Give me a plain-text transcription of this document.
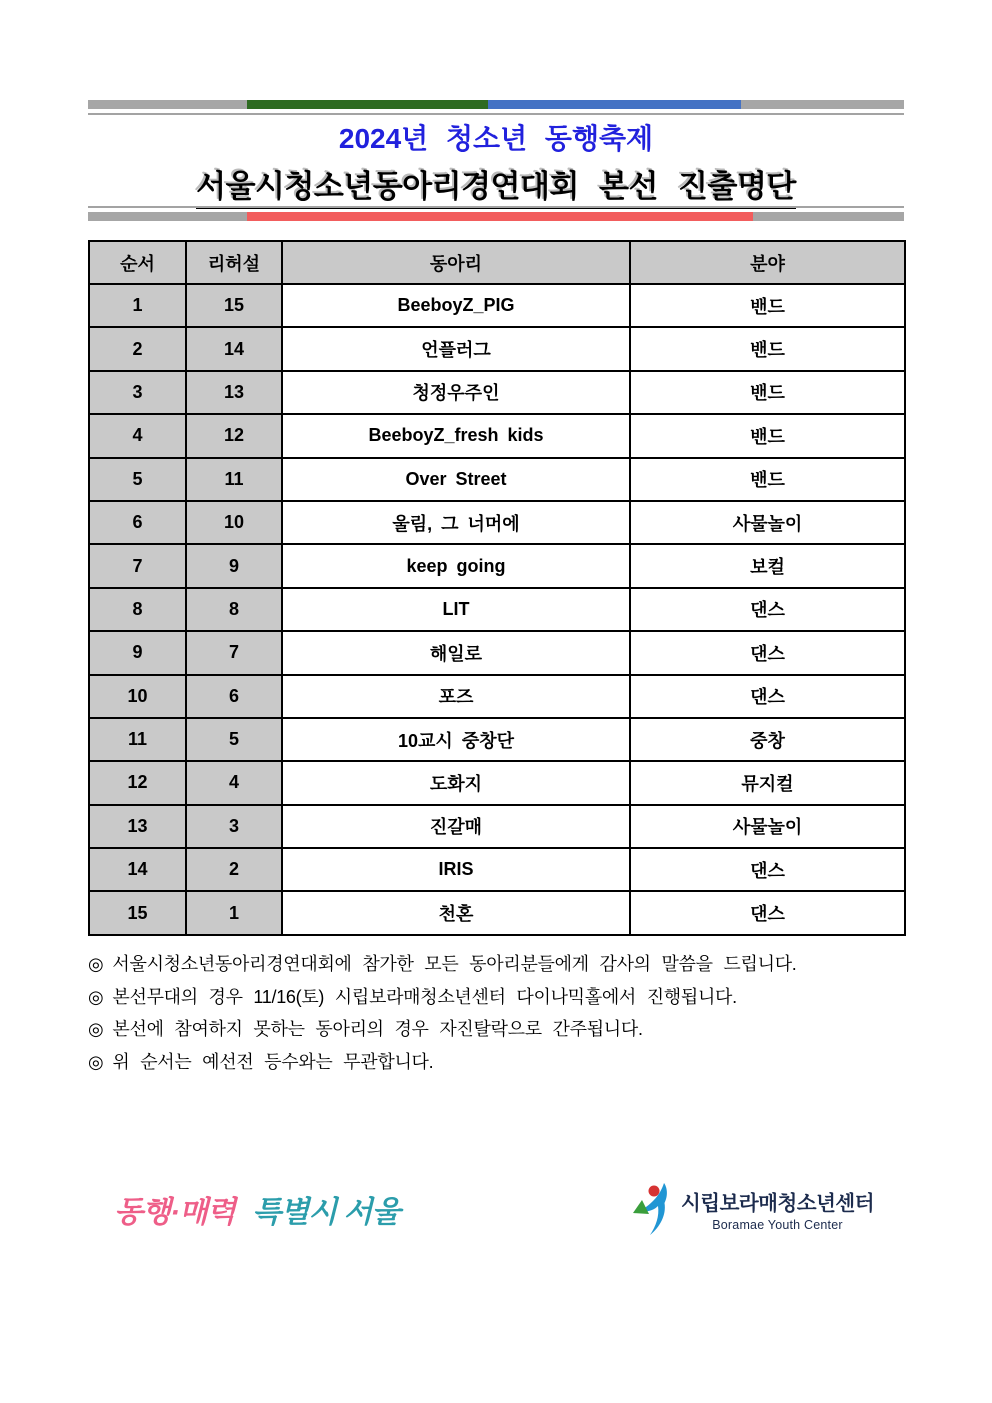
2024년 청소년 동행축제
서울시청소년동아리경연대회 본선 진출명단
순서	리허설	동아리	분야
1	15	BeeboyZ_PIG	밴드
2	14	언플러그	밴드
3	13	청정우주인	밴드
4	12	BeeboyZ_fresh kids	밴드
5	11	Over Street	밴드
6	10	울림, 그 너머에	사물놀이
7	9	keep going	보컬
8	8	LIT	댄스
9	7	해일로	댄스
10	6	포즈	댄스
11	5	10교시 중창단	중창
12	4	도화지	뮤지컬
13	3	진갈매	사물놀이
14	2	IRIS	댄스
15	1	천혼	댄스
◎ 서울시청소년동아리경연대회에 참가한 모든 동아리분들에게 감사의 말씀을 드립니다.
◎ 본선무대의 경우 11/16(토) 시립보라매청소년센터 다이나믹홀에서 진행됩니다.
◎ 본선에 참여하지 못하는 동아리의 경우 자진탈락으로 간주됩니다.
◎ 위 순서는 예선전 등수와는 무관합니다.
동행·매력 특별시 서울	시립보라매청소년센터
Boramae Youth Center
